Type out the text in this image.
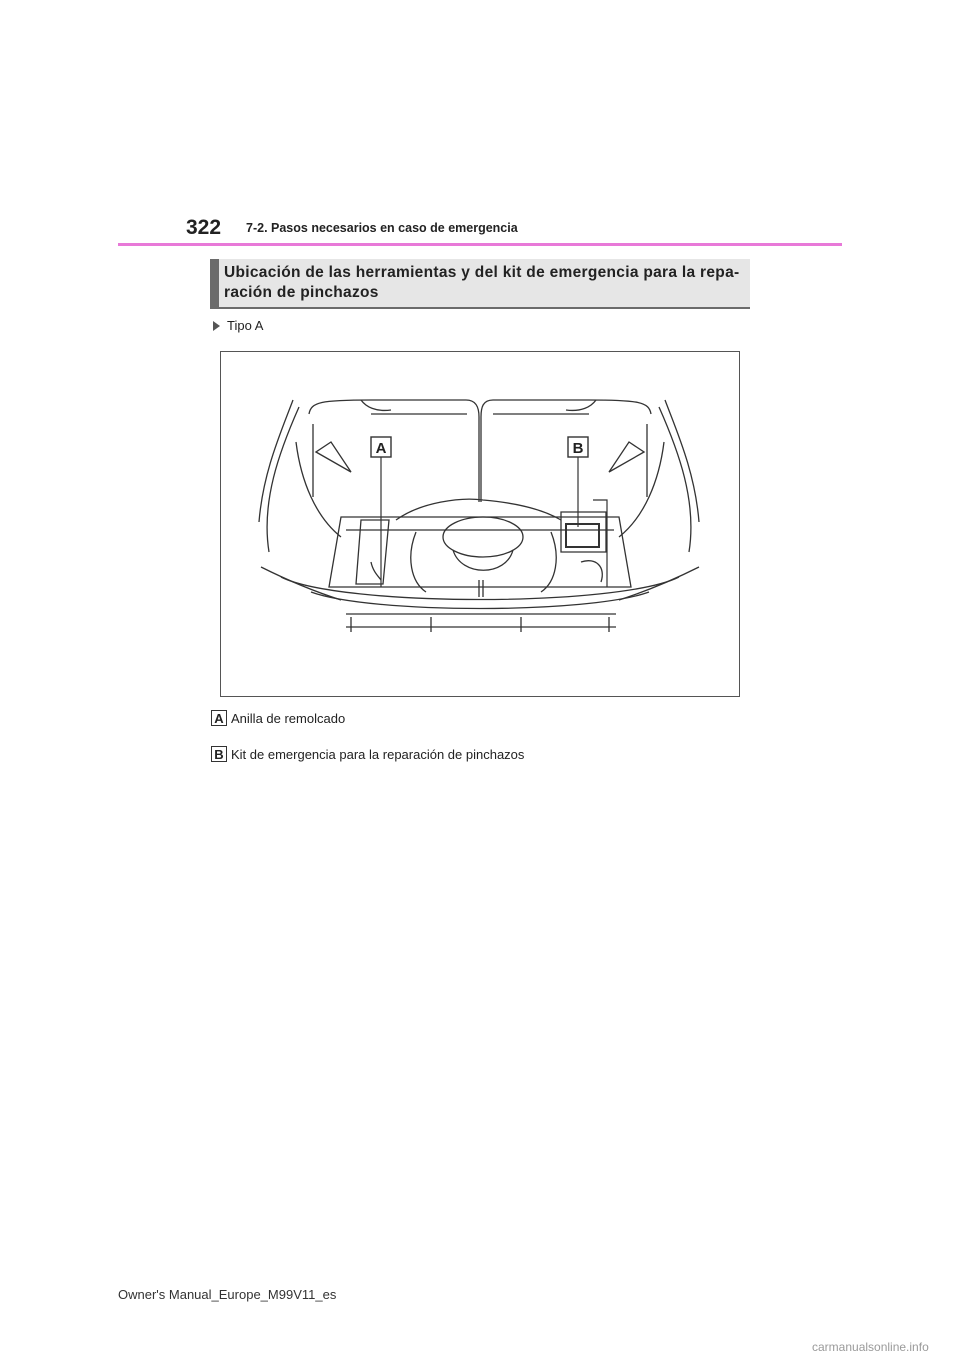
322 7-2. Pasos necesarios en caso de emergencia
Ubicación de las herramientas y del kit de emergencia para la repa-ración de pinchazos
Tipo A
A	B
A Anilla de remolcado
B Kit de emergencia para la reparación de pinchazos
Owner's Manual_Europe_M99V11_es
carmanualsonline.info
